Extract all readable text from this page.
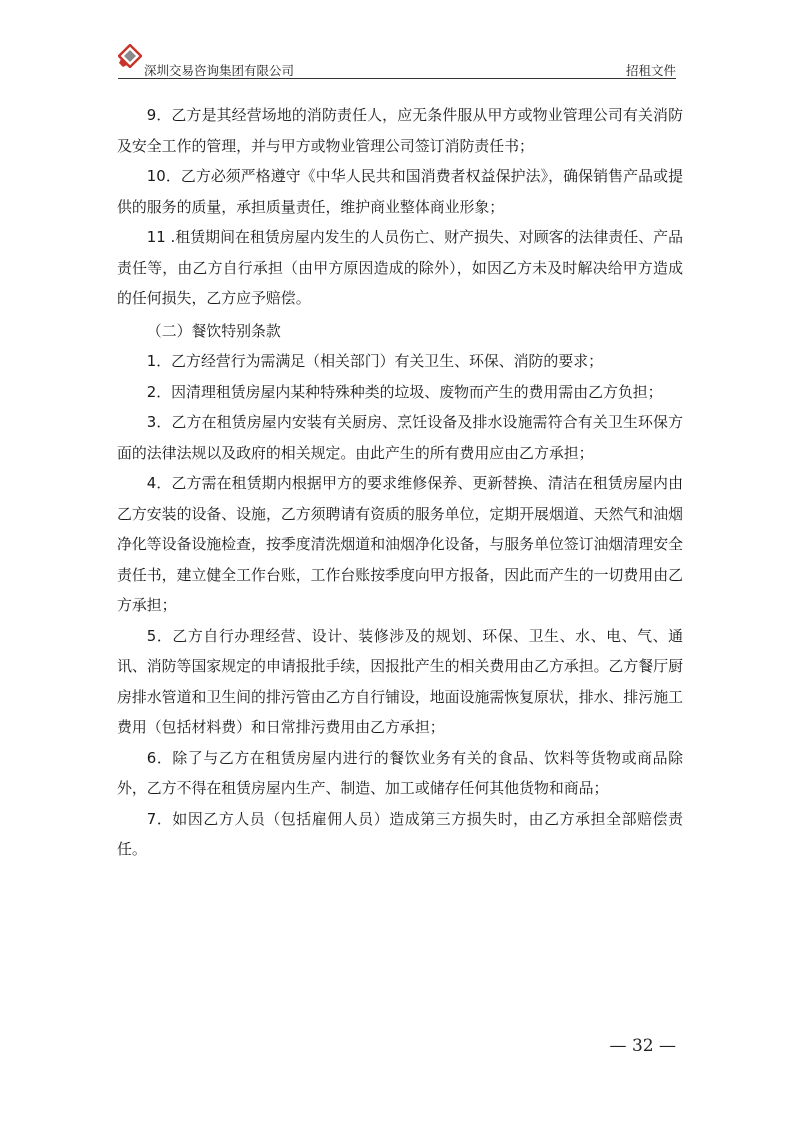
深圳交易咨询集团有限公司	招租文件

9．乙方是其经营场地的消防责任人，应无条件服从甲方或物业管理公司有关消防及安全工作的管理，并与甲方或物业管理公司签订消防责任书；

10．乙方必须严格遵守《中华人民共和国消费者权益保护法》，确保销售产品或提供的服务的质量，承担质量责任，维护商业整体商业形象；

11 .租赁期间在租赁房屋内发生的人员伤亡、财产损失、对顾客的法律责任、产品责任等，由乙方自行承担（由甲方原因造成的除外），如因乙方未及时解决给甲方造成的任何损失，乙方应予赔偿。

（二）餐饮特别条款

1．乙方经营行为需满足（相关部门）有关卫生、环保、消防的要求；

2．因清理租赁房屋内某种特殊种类的垃圾、废物而产生的费用需由乙方负担；

3．乙方在租赁房屋内安装有关厨房、烹饪设备及排水设施需符合有关卫生环保方面的法律法规以及政府的相关规定。由此产生的所有费用应由乙方承担；

4．乙方需在租赁期内根据甲方的要求维修保养、更新替换、清洁在租赁房屋内由乙方安装的设备、设施，乙方须聘请有资质的服务单位，定期开展烟道、天然气和油烟净化等设备设施检查，按季度清洗烟道和油烟净化设备，与服务单位签订油烟清理安全责任书，建立健全工作台账，工作台账按季度向甲方报备，因此而产生的一切费用由乙方承担；

5．乙方自行办理经营、设计、装修涉及的规划、环保、卫生、水、电、气、通讯、消防等国家规定的申请报批手续，因报批产生的相关费用由乙方承担。乙方餐厅厨房排水管道和卫生间的排污管由乙方自行铺设，地面设施需恢复原状，排水、排污施工费用（包括材料费）和日常排污费用由乙方承担；

6．除了与乙方在租赁房屋内进行的餐饮业务有关的食品、饮料等货物或商品除外，乙方不得在租赁房屋内生产、制造、加工或储存任何其他货物和商品；

7．如因乙方人员（包括雇佣人员）造成第三方损失时，由乙方承担全部赔偿责任。

— 32 —
